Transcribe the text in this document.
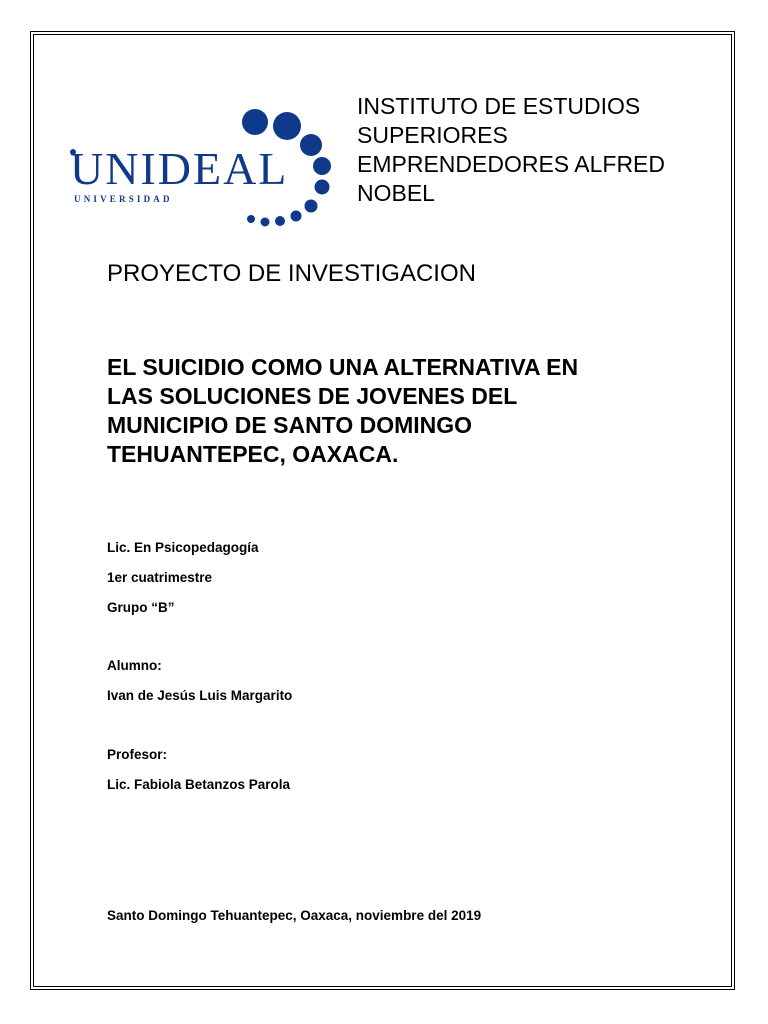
UNIDEAL
UNIVERSIDAD
INSTITUTO DE ESTUDIOS
SUPERIORES
EMPRENDEDORES ALFRED
NOBEL
PROYECTO DE INVESTIGACION
EL SUICIDIO COMO UNA ALTERNATIVA EN
LAS SOLUCIONES DE JOVENES DEL
MUNICIPIO DE SANTO DOMINGO
TEHUANTEPEC, OAXACA.
Lic. En Psicopedagogía
1er cuatrimestre
Grupo “B”
Alumno:
Ivan de Jesús Luis Margarito
Profesor:
Lic. Fabiola Betanzos Parola
Santo Domingo Tehuantepec, Oaxaca, noviembre del 2019
